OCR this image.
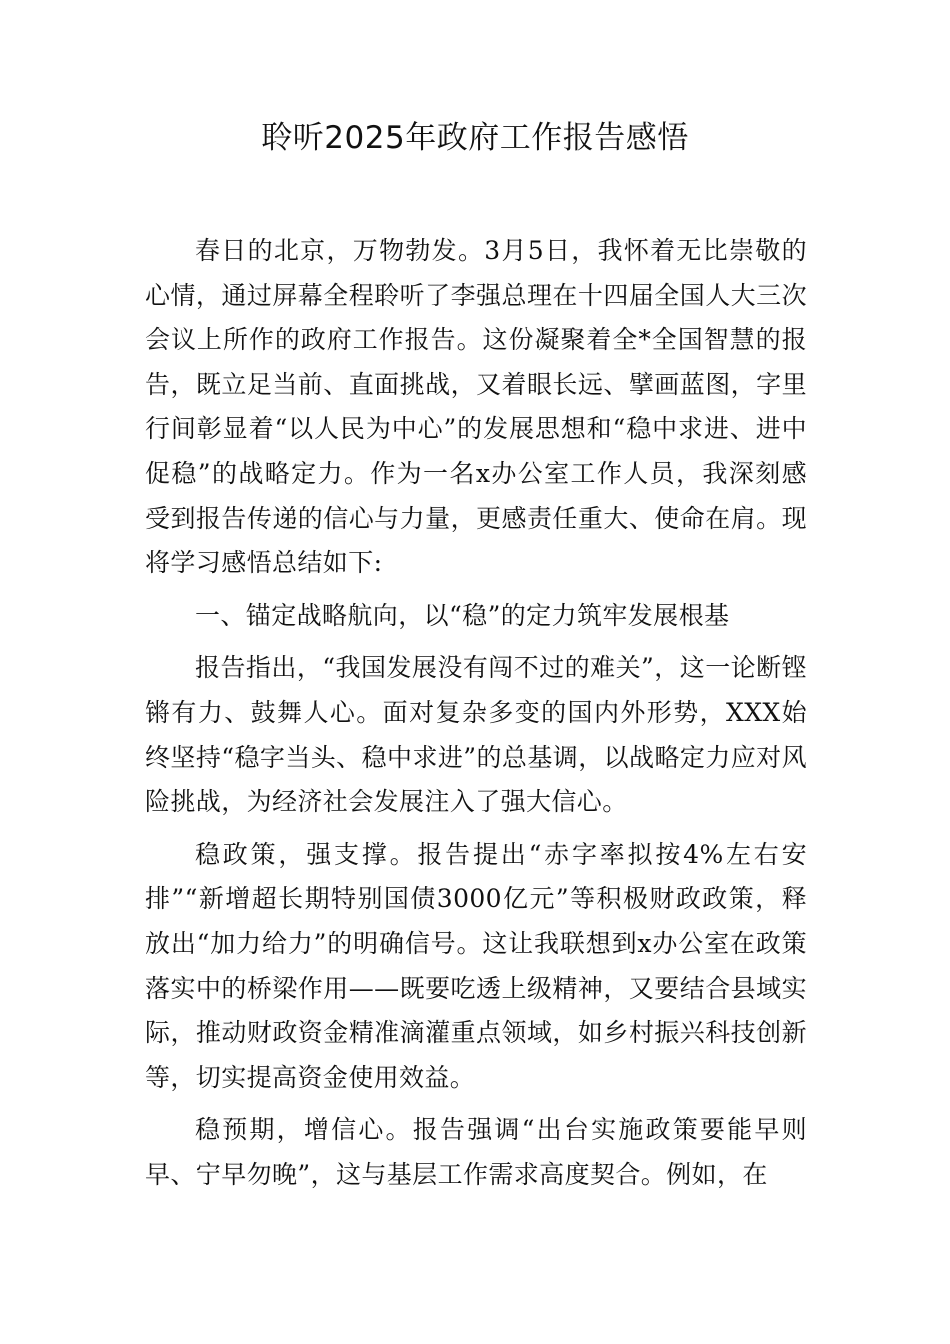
聆听2025年政府工作报告感悟

春日的北京，万物勃发。3月5日，我怀着无比崇敬的心情，通过屏幕全程聆听了李强总理在十四届全国人大三次会议上所作的政府工作报告。这份凝聚着全*全国智慧的报告，既立足当前、直面挑战，又着眼长远、擘画蓝图，字里行间彰显着“以人民为中心”的发展思想和“稳中求进、进中促稳”的战略定力。作为一名x办公室工作人员，我深刻感受到报告传递的信心与力量，更感责任重大、使命在肩。现将学习感悟总结如下:

一、锚定战略航向，以“稳”的定力筑牢发展根基

报告指出，“我国发展没有闯不过的难关”，这一论断铿锵有力、鼓舞人心。面对复杂多变的国内外形势，XXX始终坚持“稳字当头、稳中求进”的总基调，以战略定力应对风险挑战，为经济社会发展注入了强大信心。

稳政策，强支撑。报告提出“赤字率拟按4%左右安排”“新增超长期特别国债3000亿元”等积极财政政策，释放出“加力给力”的明确信号。这让我联想到x办公室在政策落实中的桥梁作用——既要吃透上级精神，又要结合县域实际，推动财政资金精准滴灌重点领域，如乡村振兴科技创新等，切实提高资金使用效益。

稳预期，增信心。报告强调“出台实施政策要能早则早、宁早勿晚”，这与基层工作需求高度契合。例如，在
